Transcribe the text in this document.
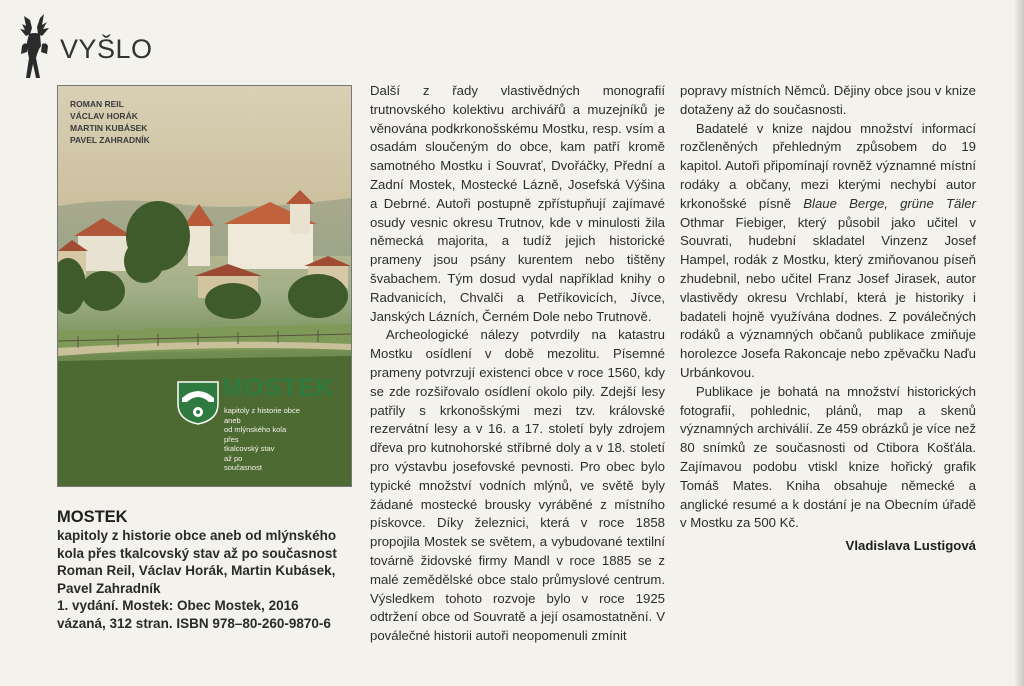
VYŠLO
ROMAN REIL
VÁCLAV HORÁK
MARTIN KUBÁSEK
PAVEL ZAHRADNÍK
MOSTEK
kapitoly z historie obce
aneb
od mlýnského kola
přes
tkalcovský stav
až po
současnost
MOSTEK
kapitoly z historie obce aneb od mlýnského
kola přes tkalcovský stav až po současnost
Roman Reil, Václav Horák, Martin Kubásek,
Pavel Zahradník
1. vydání. Mostek: Obec Mostek, 2016
vázaná, 312 stran. ISBN 978–80-260-9870-6

Další z řady vlastivědných monografií trutnovského kolektivu archivářů a muzejníků je věnována podkrkonošskému Mostku, resp. vsím a osadám sloučeným do obce, kam patří kromě samotného Mostku i Souvrať, Dvořáčky, Přední a Zadní Mostek, Mostecké Lázně, Josefská Výšina a Debrné. Autoři postupně zpřístupňují zajímavé osudy vesnic okresu Trutnov, kde v minulosti žila německá majorita, a tudíž jejich historické prameny jsou psány kurentem nebo tištěny švabachem. Tým dosud vydal například knihy o Radvanicích, Chvalči a Petříkovicích, Jívce, Janských Lázních, Černém Dole nebo Trutnově.

Archeologické nálezy potvrdily na katastru Mostku osídlení v době mezolitu. Písemné prameny potvrzují existenci obce v roce 1560, kdy se zde rozšiřovalo osídlení okolo pily. Zdejší lesy patřily s krkonošskými mezi tzv. královské rezervátní lesy a v 16. a 17. století byly zdrojem dřeva pro kutnohorské stříbrné doly a v 18. století pro výstavbu josefovské pevnosti. Pro obec bylo typické množství vodních mlýnů, ve světě byly žádané mostecké brousky vyráběné z místního pískovce. Díky železnici, která v roce 1858 propojila Mostek se světem, a vybudované textilní továrně židovské firmy Mandl v roce 1885 se z malé zemědělské obce stalo průmyslové centrum. Výsledkem tohoto rozvoje bylo v roce 1925 odtržení obce od Souvratě a její osamostatnění. V poválečné historii autoři neopomenuli zmínit

popravy místních Němců. Dějiny obce jsou v knize dotaženy až do současnosti.

Badatelé v knize najdou množství informací rozčleněných přehledným způsobem do 19 kapitol. Autoři připomínají rovněž významné místní rodáky a občany, mezi kterými nechybí autor krkonošské písně Blaue Berge, grüne Täler Othmar Fiebiger, který působil jako učitel v Souvrati, hudební skladatel Vinzenz Josef Hampel, rodák z Mostku, který zmiňovanou píseň zhudebnil, nebo učitel Franz Josef Jirasek, autor vlastivědy okresu Vrchlabí, která je historiky i badateli hojně využívána dodnes. Z poválečných rodáků a významných občanů publikace zmiňuje horolezce Josefa Rakoncaje nebo zpěvačku Naďu Urbánkovou.

Publikace je bohatá na množství historických fotografií, pohlednic, plánů, map a skenů významných archiválií. Ze 459 obrázků je více než 80 snímků ze současnosti od Ctibora Košťála. Zajímavou podobu vtiskl knize hořický grafik Tomáš Mates. Kniha obsahuje německé a anglické resumé a k dostání je na Obecním úřadě v Mostku za 500 Kč.

Vladislava Lustigová
